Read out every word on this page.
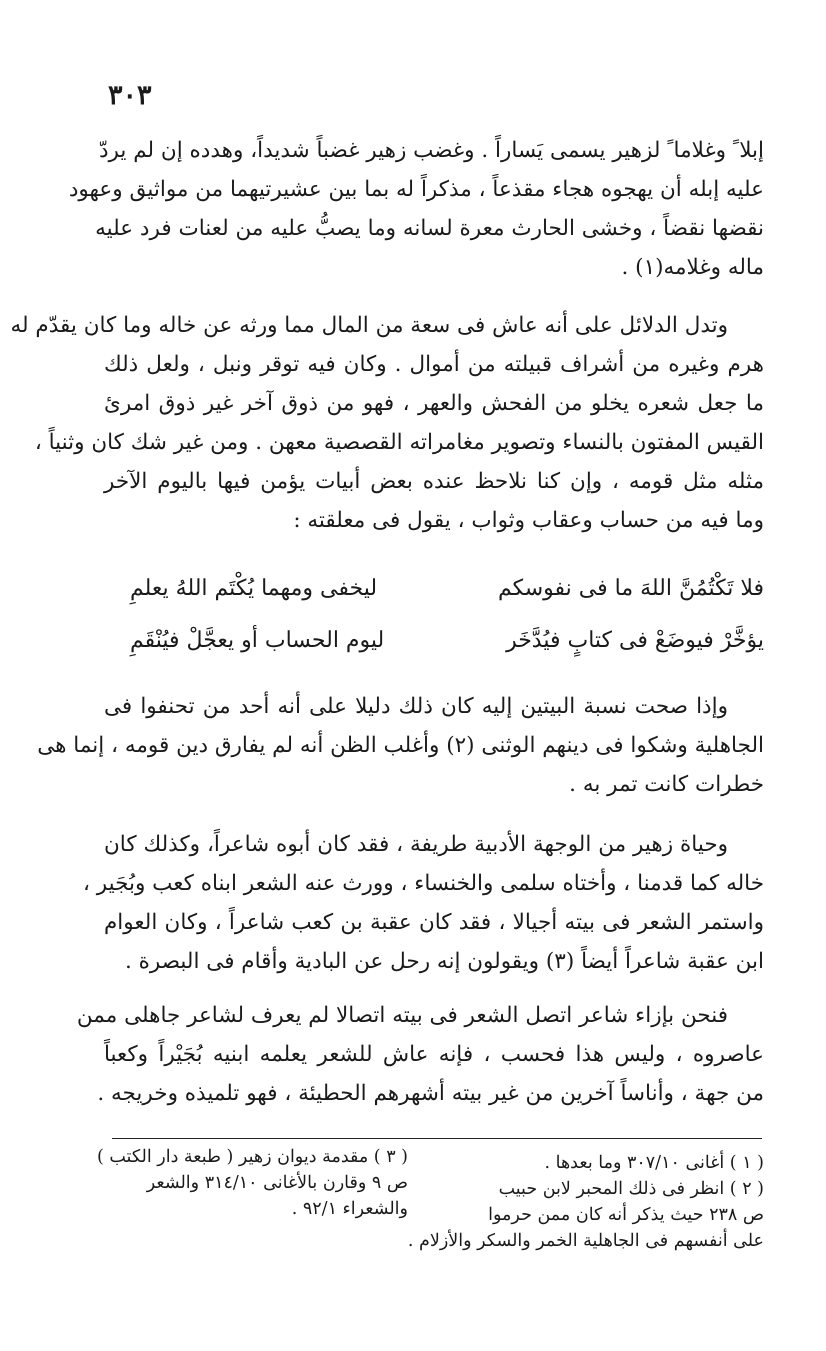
٣٠٣
إبلا ً وغلاما ً لزهير يسمى يَساراً . وغضب زهير غضباً شديداً، وهدده إن لم يردّ
عليه إبله أن يهجوه هجاء مقذعاً ، مذكراً له بما بين عشيرتيهما من مواثيق وعهود
نقضها نقضاً ، وخشى الحارث معرة لسانه وما يصبُّ عليه من لعنات فرد عليه
ماله وغلامه(١) .
وتدل الدلائل على أنه عاش فى سعة من المال مما ورثه عن خاله وما كان يقدّم له
هرم وغيره من أشراف قبيلته من أموال . وكان فيه توقر ونبل ، ولعل ذلك
ما جعل شعره يخلو من الفحش والعهر ، فهو من ذوق آخر غير ذوق امرئ
القيس المفتون بالنساء وتصوير مغامراته القصصية معهن . ومن غير شك كان وثنياً ،
مثله مثل قومه ، وإن كنا نلاحظ عنده بعض أبيات يؤمن فيها باليوم الآخر
وما فيه من حساب وعقاب وثواب ، يقول فى معلقته :
فلا تَكْتُمُنَّ اللهَ ما فى نفوسكم
ليخفى ومهما يُكْتَم اللهُ يعلمِ
يؤخَّرْ فيوضَعْ فى كتابٍ فيُدَّخَر
ليوم الحساب أو يعجَّلْ فيُنْقَمِ
وإذا صحت نسبة البيتين إليه كان ذلك دليلا على أنه أحد من تحنفوا فى
الجاهلية وشكوا فى دينهم الوثنى (٢) وأغلب الظن أنه لم يفارق دين قومه ، إنما هى
خطرات كانت تمر به .
وحياة زهير من الوجهة الأدبية طريفة ، فقد كان أبوه شاعراً، وكذلك كان
خاله كما قدمنا ، وأختاه سلمى والخنساء ، وورث عنه الشعر ابناه كعب وبُجَير ،
واستمر الشعر فى بيته أجيالا ، فقد كان عقبة بن كعب شاعراً ، وكان العوام
ابن عقبة شاعراً أيضاً (٣) ويقولون إنه رحل عن البادية وأقام فى البصرة .
فنحن بإزاء شاعر اتصل الشعر فى بيته اتصالا لم يعرف لشاعر جاهلى ممن
عاصروه ، وليس هذا فحسب ، فإنه عاش للشعر يعلمه ابنيه بُجَيْراً وكعباً
من جهة ، وأناساً آخرين من غير بيته أشهرهم الحطيئة ، فهو تلميذه وخريجه .
( ١ ) أغانى ٣٠٧/١٠ وما بعدها .
( ٢ ) انظر فى ذلك المحبر لابن حبيب
ص ٢٣٨ حيث يذكر أنه كان ممن حرموا
على أنفسهم فى الجاهلية الخمر والسكر والأزلام .
( ٣ ) مقدمة ديوان زهير ( طبعة دار الكتب )
ص ٩ وقارن بالأغانى ٣١٤/١٠ والشعر
والشعراء ٩٢/١ .
